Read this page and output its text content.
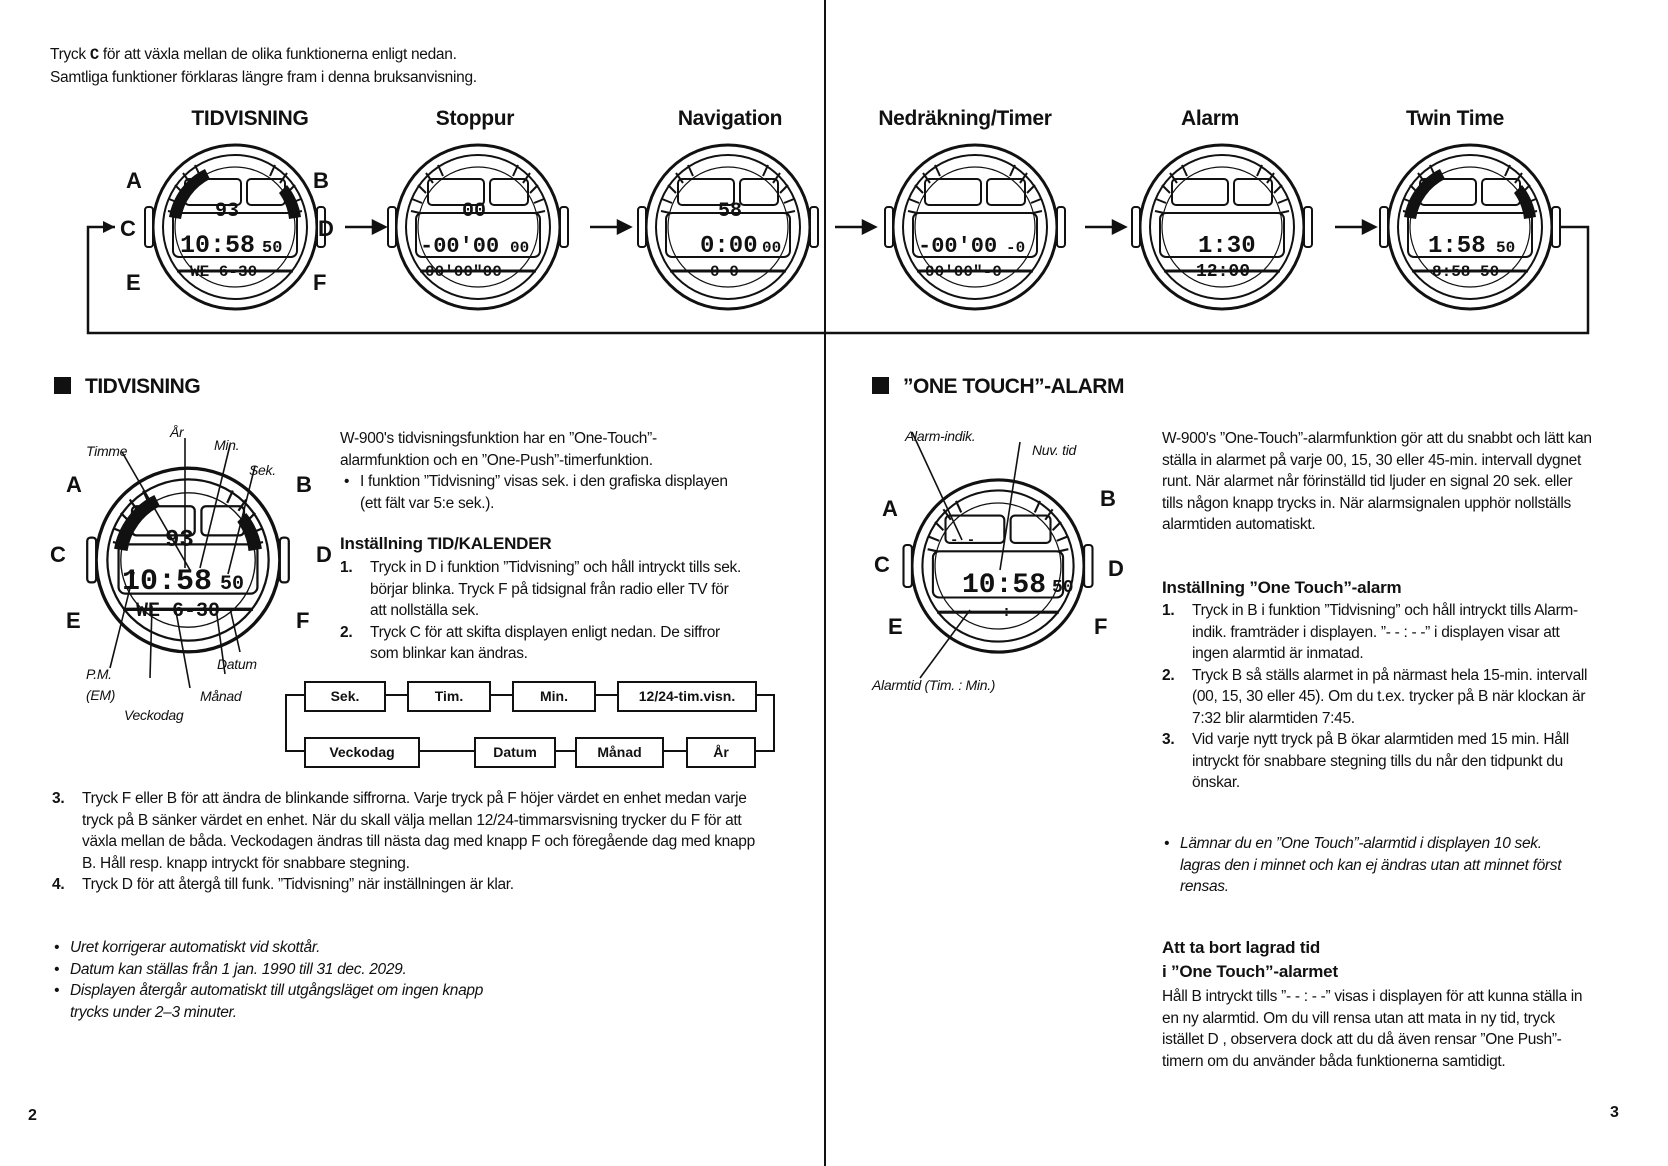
Tryck C för att växla mellan de olika funktionerna enligt nedan.
Samtliga funktioner förklaras längre fram i denna bruksanvisning.
TIDVISNING	Stoppur	Navigation	Nedräkning/Timer	Alarm	Twin Time
93
10:58 50
WE 6-30
00
-00'00 00
00'00"00
58
0:00 00
0 0
-00'00 -0
00'00"-0
1:30
12:00
1:58 50
8:58 50
A	B
C	D
E	F
TIDVISNING
93
10:58 50
WE 6-30
A	B
C	D
E	F
År
Timme	Min.
Sek.
P.M.
(EM)
Datum
Månad
Veckodag
W-900's tidvisningsfunktion har en ”One-Touch”-alarmfunktion och en ”One-Push”-timerfunktion.
• I funktion ”Tidvisning” visas sek. i den grafiska displayen (ett fält var 5:e sek.).
Inställning TID/KALENDER
1. Tryck in D i funktion ”Tidvisning” och håll intryckt tills sek. börjar blinka. Tryck F på tidsignal från radio eller TV för att nollställa sek.
2. Tryck C för att skifta displayen enligt nedan. De siffror som blinkar kan ändras.
Sek.	Tim.	Min.	12/24-tim.visn.
Veckodag	Datum	Månad	År
3. Tryck F eller B för att ändra de blinkande siffrorna. Varje tryck på F höjer värdet en enhet medan varje tryck på B sänker värdet en enhet. När du skall välja mellan 12/24-timmarsvisning trycker du F för att växla mellan de båda. Veckodagen ändras till nästa dag med knapp F och föregående dag med knapp B. Håll resp. knapp intryckt för snabbare stegning.
4. Tryck D för att återgå till funk. ”Tidvisning” när inställningen är klar.
• Uret korrigerar automatiskt vid skottår.
• Datum kan ställas från 1 jan. 1990 till 31 dec. 2029.
• Displayen återgår automatiskt till utgångsläget om ingen knapp trycks under 2–3 minuter.
2
”ONE TOUCH”-ALARM
- -
10:58 50
- - : - -
A	B
C	D
E	F
Alarm-indik.
Nuv. tid
Alarmtid (Tim. : Min.)
W-900's ”One-Touch”-alarmfunktion gör att du snabbt och lätt kan ställa in alarmet på varje 00, 15, 30 eller 45-min. intervall dygnet runt. När alarmet når förinställd tid ljuder en signal 20 sek. eller tills någon knapp trycks in. När alarmsignalen upphör nollställs alarmtiden automatiskt.
Inställning ”One Touch”-alarm
1. Tryck in B i funktion ”Tidvisning” och håll intryckt tills Alarm-indik. framträder i displayen. ”- - : - -” i displayen visar att ingen alarmtid är inmatad.
2. Tryck B så ställs alarmet in på närmast hela 15-min. intervall (00, 15, 30 eller 45). Om du t.ex. trycker på B när klockan är 7:32 blir alarmtiden 7:45.
3. Vid varje nytt tryck på B ökar alarmtiden med 15 min. Håll intryckt för snabbare stegning tills du når den tidpunkt du önskar.
• Lämnar du en ”One Touch”-alarmtid i displayen 10 sek. lagras den i minnet och kan ej ändras utan att minnet först rensas.
Att ta bort lagrad tid
i ”One Touch”-alarmet
Håll B intryckt tills ”- - : - -” visas i displayen för att kunna ställa in en ny alarmtid. Om du vill rensa utan att mata in ny tid, tryck istället D , observera dock att du då även rensar ”One Push”-timern om du använder båda funktionerna samtidigt.
3
